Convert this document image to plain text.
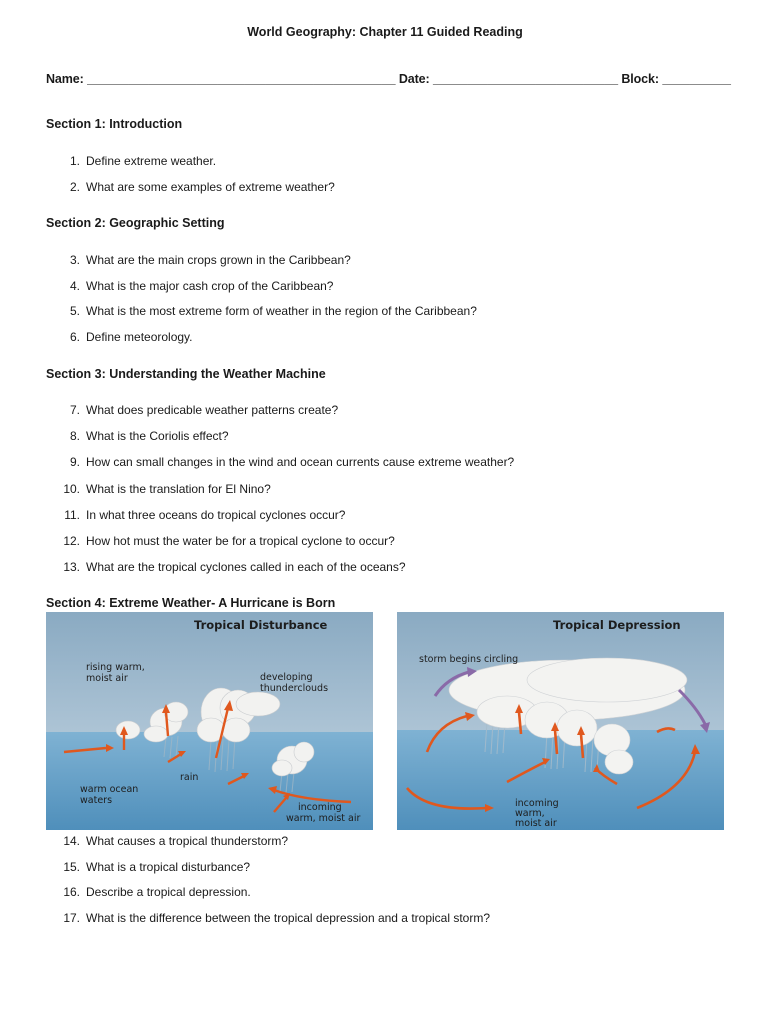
World Geography: Chapter 11 Guided Reading
Name: _____________________________________________ Date: ___________________________ Block: __________
Section 1: Introduction
1. Define extreme weather.
2. What are some examples of extreme weather?
Section 2: Geographic Setting
3. What are the main crops grown in the Caribbean?
4. What is the major cash crop of the Caribbean?
5. What is the most extreme form of weather in the region of the Caribbean?
6. Define meteorology.
Section 3: Understanding the Weather Machine
7. What does predicable weather patterns create?
8. What is the Coriolis effect?
9. How can small changes in the wind and ocean currents cause extreme weather?
10. What is the translation for El Nino?
11. In what three oceans do tropical cyclones occur?
12. How hot must the water be for a tropical cyclone to occur?
13. What are the tropical cyclones called in each of the oceans?
Section 4: Extreme Weather- A Hurricane is Born
Tropical Disturbance
rising warm,
moist air	developing
thunderclouds
rain
warm ocean
waters
incoming
warm, moist air
Tropical Depression
storm begins circling
incoming
warm,
moist air
14. What causes a tropical thunderstorm?
15. What is a tropical disturbance?
16. Describe a tropical depression.
17. What is the difference between the tropical depression and a tropical storm?
